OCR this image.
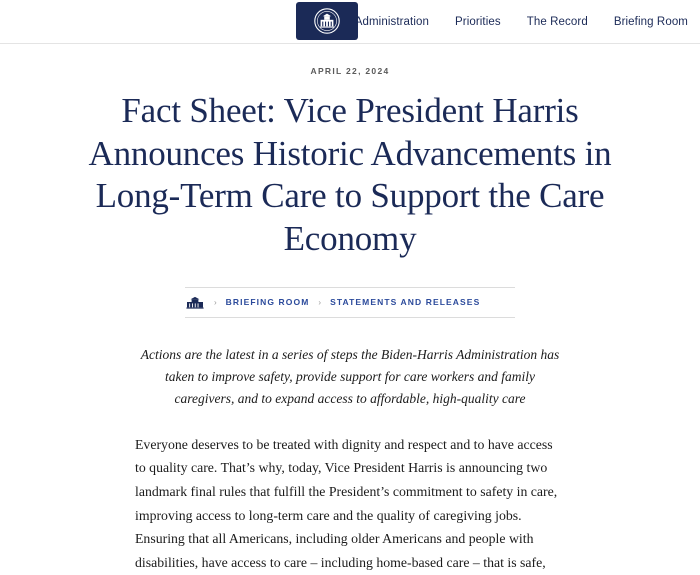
Administration Priorities The Record Briefing Room
APRIL 22, 2024
Fact Sheet: Vice President Harris Announces Historic Advancements in Long-Term Care to Support the Care Economy
› BRIEFING ROOM › STATEMENTS AND RELEASES

Actions are the latest in a series of steps the Biden-Harris Administration has taken to improve safety, provide support for care workers and family caregivers, and to expand access to affordable, high-quality care

Everyone deserves to be treated with dignity and respect and to have access to quality care. That’s why, today, Vice President Harris is announcing two landmark final rules that fulfill the President’s commitment to safety in care, improving access to long-term care and the quality of caregiving jobs. Ensuring that all Americans, including older Americans and people with disabilities, have access to care – including home-based care – that is safe,
